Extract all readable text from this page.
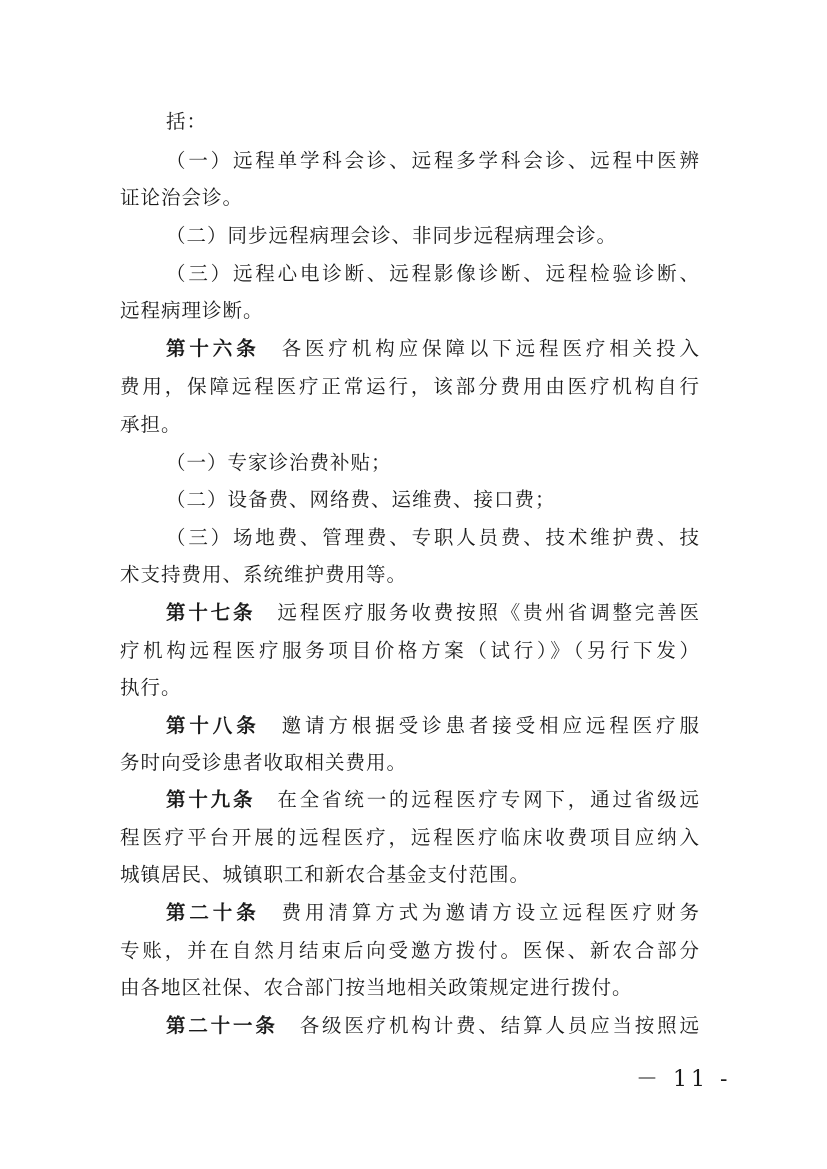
括：
（一）远程单学科会诊、远程多学科会诊、远程中医辨
证论治会诊。
（二）同步远程病理会诊、非同步远程病理会诊。
（三）远程心电诊断、远程影像诊断、远程检验诊断、
远程病理诊断。
第十六条 各医疗机构应保障以下远程医疗相关投入
费用，保障远程医疗正常运行，该部分费用由医疗机构自行
承担。
（一）专家诊治费补贴；
（二）设备费、网络费、运维费、接口费；
（三）场地费、管理费、专职人员费、技术维护费、技
术支持费用、系统维护费用等。
第十七条 远程医疗服务收费按照《贵州省调整完善医
疗机构远程医疗服务项目价格方案（试行）》（另行下发）
执行。
第十八条 邀请方根据受诊患者接受相应远程医疗服
务时向受诊患者收取相关费用。
第十九条 在全省统一的远程医疗专网下，通过省级远
程医疗平台开展的远程医疗，远程医疗临床收费项目应纳入
城镇居民、城镇职工和新农合基金支付范围。
第二十条 费用清算方式为邀请方设立远程医疗财务
专账，并在自然月结束后向受邀方拨付。医保、新农合部分
由各地区社保、农合部门按当地相关政策规定进行拨付。
第二十一条 各级医疗机构计费、结算人员应当按照远
－ 11 -
